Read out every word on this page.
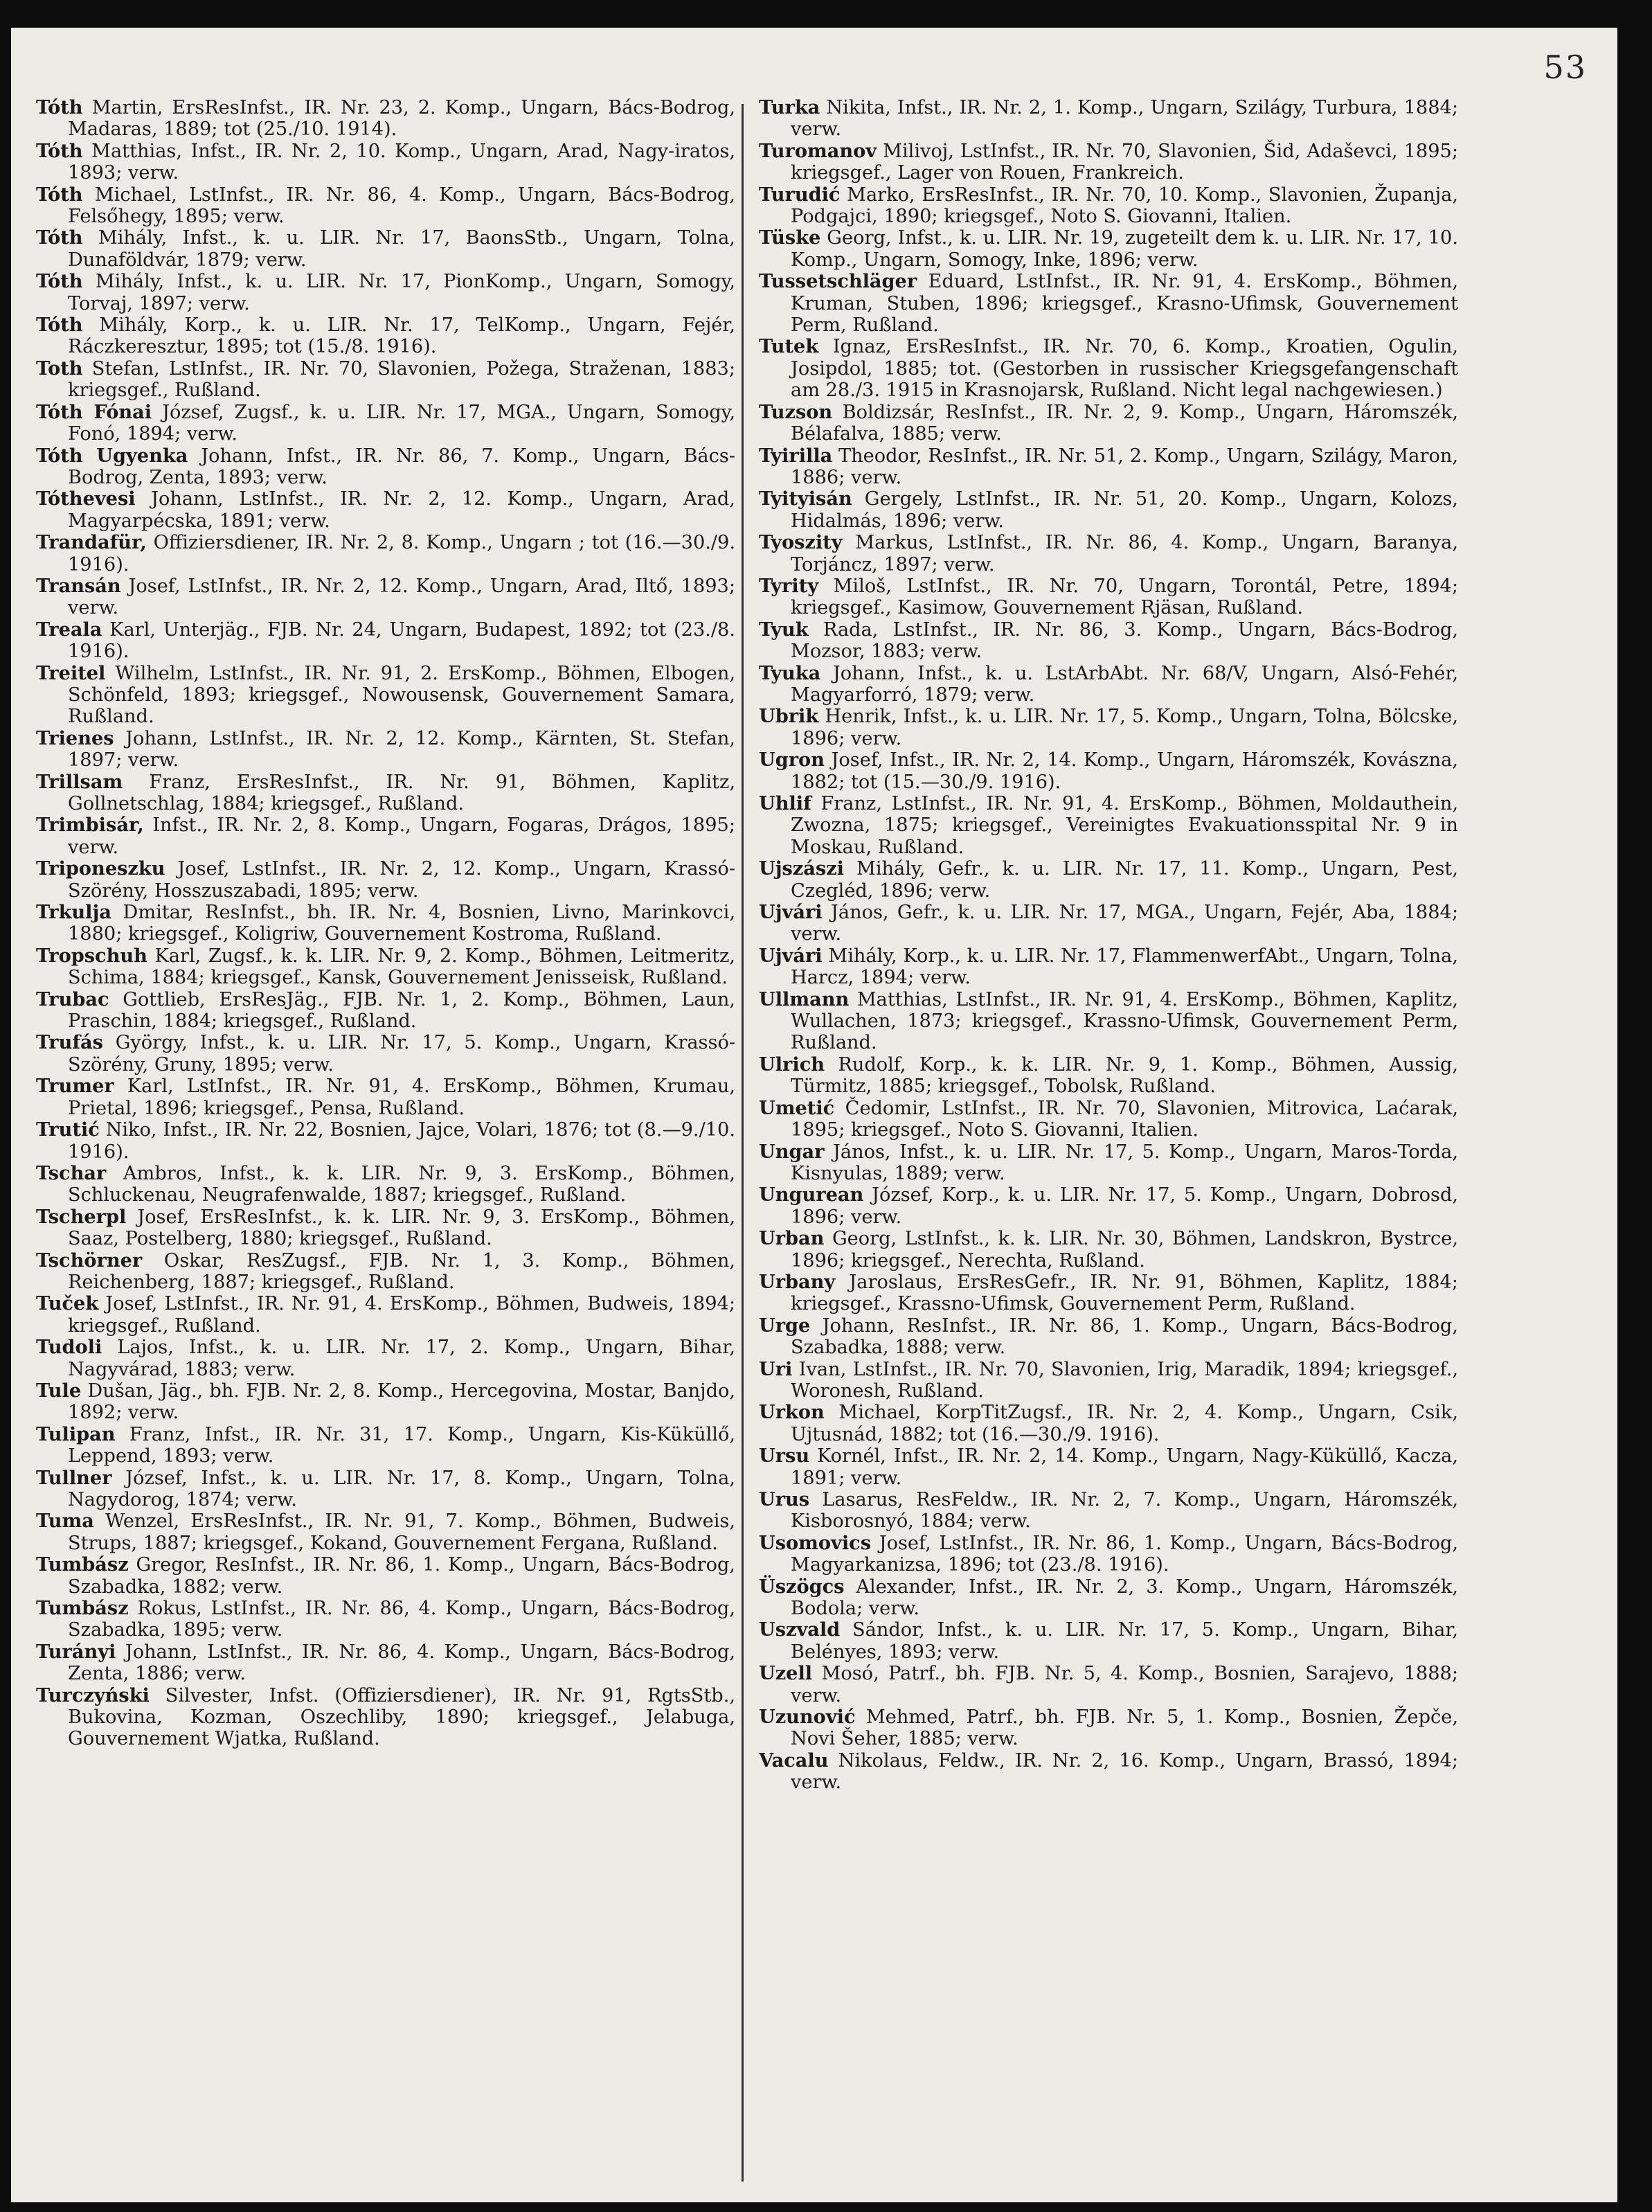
53

Tóth Martin, ErsResInfst., IR. Nr. 23, 2. Komp., Ungarn, Bács-Bodrog, Madaras, 1889; tot (25./10. 1914).

Tóth Matthias, Infst., IR. Nr. 2, 10. Komp., Ungarn, Arad, Nagy-iratos, 1893; verw.

Tóth Michael, LstInfst., IR. Nr. 86, 4. Komp., Ungarn, Bács-Bodrog, Felsőhegy, 1895; verw.

Tóth Mihály, Infst., k. u. LIR. Nr. 17, BaonsStb., Ungarn, Tolna, Dunaföldvár, 1879; verw.

Tóth Mihály, Infst., k. u. LIR. Nr. 17, PionKomp., Ungarn, Somogy, Torvaj, 1897; verw.

Tóth Mihály, Korp., k. u. LIR. Nr. 17, TelKomp., Ungarn, Fejér, Ráczkeresztur, 1895; tot (15./8. 1916).

Toth Stefan, LstInfst., IR. Nr. 70, Slavonien, Požega, Straženan, 1883; kriegsgef., Rußland.

Tóth Fónai József, Zugsf., k. u. LIR. Nr. 17, MGA., Ungarn, Somogy, Fonó, 1894; verw.

Tóth Ugyenka Johann, Infst., IR. Nr. 86, 7. Komp., Ungarn, Bács-Bodrog, Zenta, 1893; verw.

Tóthevesi Johann, LstInfst., IR. Nr. 2, 12. Komp., Ungarn, Arad, Magyarpécska, 1891; verw.

Trandafür, Offiziersdiener, IR. Nr. 2, 8. Komp., Ungarn ; tot (16.—30./9. 1916).

Transán Josef, LstInfst., IR. Nr. 2, 12. Komp., Ungarn, Arad, Iltő, 1893; verw.

Treala Karl, Unterjäg., FJB. Nr. 24, Ungarn, Budapest, 1892; tot (23./8. 1916).

Treitel Wilhelm, LstInfst., IR. Nr. 91, 2. ErsKomp., Böhmen, Elbogen, Schönfeld, 1893; kriegsgef., Nowousensk, Gouvernement Samara, Rußland.

Trienes Johann, LstInfst., IR. Nr. 2, 12. Komp., Kärnten, St. Stefan, 1897; verw.

Trillsam Franz, ErsResInfst., IR. Nr. 91, Böhmen, Kaplitz, Gollnetschlag, 1884; kriegsgef., Rußland.

Trimbisár, Infst., IR. Nr. 2, 8. Komp., Ungarn, Fogaras, Drágos, 1895; verw.

Triponeszku Josef, LstInfst., IR. Nr. 2, 12. Komp., Ungarn, Krassó-Szörény, Hosszuszabadi, 1895; verw.

Trkulja Dmitar, ResInfst., bh. IR. Nr. 4, Bosnien, Livno, Marinkovci, 1880; kriegsgef., Koligriw, Gouvernement Kostroma, Rußland.

Tropschuh Karl, Zugsf., k. k. LIR. Nr. 9, 2. Komp., Böhmen, Leitmeritz, Schima, 1884; kriegsgef., Kansk, Gouvernement Jenisseisk, Rußland.

Trubac Gottlieb, ErsResJäg., FJB. Nr. 1, 2. Komp., Böhmen, Laun, Praschin, 1884; kriegsgef., Rußland.

Trufás György, Infst., k. u. LIR. Nr. 17, 5. Komp., Ungarn, Krassó-Szörény, Gruny, 1895; verw.

Trumer Karl, LstInfst., IR. Nr. 91, 4. ErsKomp., Böhmen, Krumau, Prietal, 1896; kriegsgef., Pensa, Rußland.

Trutić Niko, Infst., IR. Nr. 22, Bosnien, Jajce, Volari, 1876; tot (8.—9./10. 1916).

Tschar Ambros, Infst., k. k. LIR. Nr. 9, 3. ErsKomp., Böhmen, Schluckenau, Neugrafenwalde, 1887; kriegsgef., Rußland.

Tscherpl Josef, ErsResInfst., k. k. LIR. Nr. 9, 3. ErsKomp., Böhmen, Saaz, Postelberg, 1880; kriegsgef., Rußland.

Tschörner Oskar, ResZugsf., FJB. Nr. 1, 3. Komp., Böhmen, Reichenberg, 1887; kriegsgef., Rußland.

Tuček Josef, LstInfst., IR. Nr. 91, 4. ErsKomp., Böhmen, Budweis, 1894; kriegsgef., Rußland.

Tudoli Lajos, Infst., k. u. LIR. Nr. 17, 2. Komp., Ungarn, Bihar, Nagyvárad, 1883; verw.

Tule Dušan, Jäg., bh. FJB. Nr. 2, 8. Komp., Hercegovina, Mostar, Banjdo, 1892; verw.

Tulipan Franz, Infst., IR. Nr. 31, 17. Komp., Ungarn, Kis-Küküllő, Leppend, 1893; verw.

Tullner József, Infst., k. u. LIR. Nr. 17, 8. Komp., Ungarn, Tolna, Nagydorog, 1874; verw.

Tuma Wenzel, ErsResInfst., IR. Nr. 91, 7. Komp., Böhmen, Budweis, Strups, 1887; kriegsgef., Kokand, Gouvernement Fergana, Rußland.

Tumbász Gregor, ResInfst., IR. Nr. 86, 1. Komp., Ungarn, Bács-Bodrog, Szabadka, 1882; verw.

Tumbász Rokus, LstInfst., IR. Nr. 86, 4. Komp., Ungarn, Bács-Bodrog, Szabadka, 1895; verw.

Turányi Johann, LstInfst., IR. Nr. 86, 4. Komp., Ungarn, Bács-Bodrog, Zenta, 1886; verw.

Turczyński Silvester, Infst. (Offiziersdiener), IR. Nr. 91, RgtsStb., Bukovina, Kozman, Oszechliby, 1890; kriegsgef., Jelabuga, Gouvernement Wjatka, Rußland.

Turka Nikita, Infst., IR. Nr. 2, 1. Komp., Ungarn, Szilágy, Turbura, 1884; verw.

Turomanov Milivoj, LstInfst., IR. Nr. 70, Slavonien, Šid, Adaševci, 1895; kriegsgef., Lager von Rouen, Frankreich.

Turudić Marko, ErsResInfst., IR. Nr. 70, 10. Komp., Slavonien, Županja, Podgajci, 1890; kriegsgef., Noto S. Giovanni, Italien.

Tüske Georg, Infst., k. u. LIR. Nr. 19, zugeteilt dem k. u. LIR. Nr. 17, 10. Komp., Ungarn, Somogy, Inke, 1896; verw.

Tussetschläger Eduard, LstInfst., IR. Nr. 91, 4. ErsKomp., Böhmen, Kruman, Stuben, 1896; kriegsgef., Krasno-Ufimsk, Gouvernement Perm, Rußland.

Tutek Ignaz, ErsResInfst., IR. Nr. 70, 6. Komp., Kroatien, Ogulin, Josipdol, 1885; tot. (Gestorben in russischer Kriegsgefangenschaft am 28./3. 1915 in Krasnojarsk, Rußland. Nicht legal nachgewiesen.)

Tuzson Boldizsár, ResInfst., IR. Nr. 2, 9. Komp., Ungarn, Háromszék, Bélafalva, 1885; verw.

Tyirilla Theodor, ResInfst., IR. Nr. 51, 2. Komp., Ungarn, Szilágy, Maron, 1886; verw.

Tyityisán Gergely, LstInfst., IR. Nr. 51, 20. Komp., Ungarn, Kolozs, Hidalmás, 1896; verw.

Tyoszity Markus, LstInfst., IR. Nr. 86, 4. Komp., Ungarn, Baranya, Torjáncz, 1897; verw.

Tyrity Miloš, LstInfst., IR. Nr. 70, Ungarn, Torontál, Petre, 1894; kriegsgef., Kasimow, Gouvernement Rjäsan, Rußland.

Tyuk Rada, LstInfst., IR. Nr. 86, 3. Komp., Ungarn, Bács-Bodrog, Mozsor, 1883; verw.

Tyuka Johann, Infst., k. u. LstArbAbt. Nr. 68/V, Ungarn, Alsó-Fehér, Magyarforró, 1879; verw.

Ubrik Henrik, Infst., k. u. LIR. Nr. 17, 5. Komp., Ungarn, Tolna, Bölcske, 1896; verw.

Ugron Josef, Infst., IR. Nr. 2, 14. Komp., Ungarn, Háromszék, Kovászna, 1882; tot (15.—30./9. 1916).

Uhlif Franz, LstInfst., IR. Nr. 91, 4. ErsKomp., Böhmen, Moldauthein, Zwozna, 1875; kriegsgef., Vereinigtes Evakuationsspital Nr. 9 in Moskau, Rußland.

Ujszászi Mihály, Gefr., k. u. LIR. Nr. 17, 11. Komp., Ungarn, Pest, Czegléd, 1896; verw.

Ujvári János, Gefr., k. u. LIR. Nr. 17, MGA., Ungarn, Fejér, Aba, 1884; verw.

Ujvári Mihály, Korp., k. u. LIR. Nr. 17, FlammenwerfAbt., Ungarn, Tolna, Harcz, 1894; verw.

Ullmann Matthias, LstInfst., IR. Nr. 91, 4. ErsKomp., Böhmen, Kaplitz, Wullachen, 1873; kriegsgef., Krassno-Ufimsk, Gouvernement Perm, Rußland.

Ulrich Rudolf, Korp., k. k. LIR. Nr. 9, 1. Komp., Böhmen, Aussig, Türmitz, 1885; kriegsgef., Tobolsk, Rußland.

Umetić Čedomir, LstInfst., IR. Nr. 70, Slavonien, Mitrovica, Laćarak, 1895; kriegsgef., Noto S. Giovanni, Italien.

Ungar János, Infst., k. u. LIR. Nr. 17, 5. Komp., Ungarn, Maros-Torda, Kisnyulas, 1889; verw.

Ungurean József, Korp., k. u. LIR. Nr. 17, 5. Komp., Ungarn, Dobrosd, 1896; verw.

Urban Georg, LstInfst., k. k. LIR. Nr. 30, Böhmen, Landskron, Bystrce, 1896; kriegsgef., Nerechta, Rußland.

Urbany Jaroslaus, ErsResGefr., IR. Nr. 91, Böhmen, Kaplitz, 1884; kriegsgef., Krassno-Ufimsk, Gouvernement Perm, Rußland.

Urge Johann, ResInfst., IR. Nr. 86, 1. Komp., Ungarn, Bács-Bodrog, Szabadka, 1888; verw.

Uri Ivan, LstInfst., IR. Nr. 70, Slavonien, Irig, Maradik, 1894; kriegsgef., Woronesh, Rußland.

Urkon Michael, KorpTitZugsf., IR. Nr. 2, 4. Komp., Ungarn, Csik, Ujtusnád, 1882; tot (16.—30./9. 1916).

Ursu Kornél, Infst., IR. Nr. 2, 14. Komp., Ungarn, Nagy-Küküllő, Kacza, 1891; verw.

Urus Lasarus, ResFeldw., IR. Nr. 2, 7. Komp., Ungarn, Háromszék, Kisborosnyó, 1884; verw.

Usomovics Josef, LstInfst., IR. Nr. 86, 1. Komp., Ungarn, Bács-Bodrog, Magyarkanizsa, 1896; tot (23./8. 1916).

Üszögcs Alexander, Infst., IR. Nr. 2, 3. Komp., Ungarn, Háromszék, Bodola; verw.

Uszvald Sándor, Infst., k. u. LIR. Nr. 17, 5. Komp., Ungarn, Bihar, Belényes, 1893; verw.

Uzell Mosó, Patrf., bh. FJB. Nr. 5, 4. Komp., Bosnien, Sarajevo, 1888; verw.

Uzunović Mehmed, Patrf., bh. FJB. Nr. 5, 1. Komp., Bosnien, Žepče, Novi Šeher, 1885; verw.

Vacalu Nikolaus, Feldw., IR. Nr. 2, 16. Komp., Ungarn, Brassó, 1894; verw.
